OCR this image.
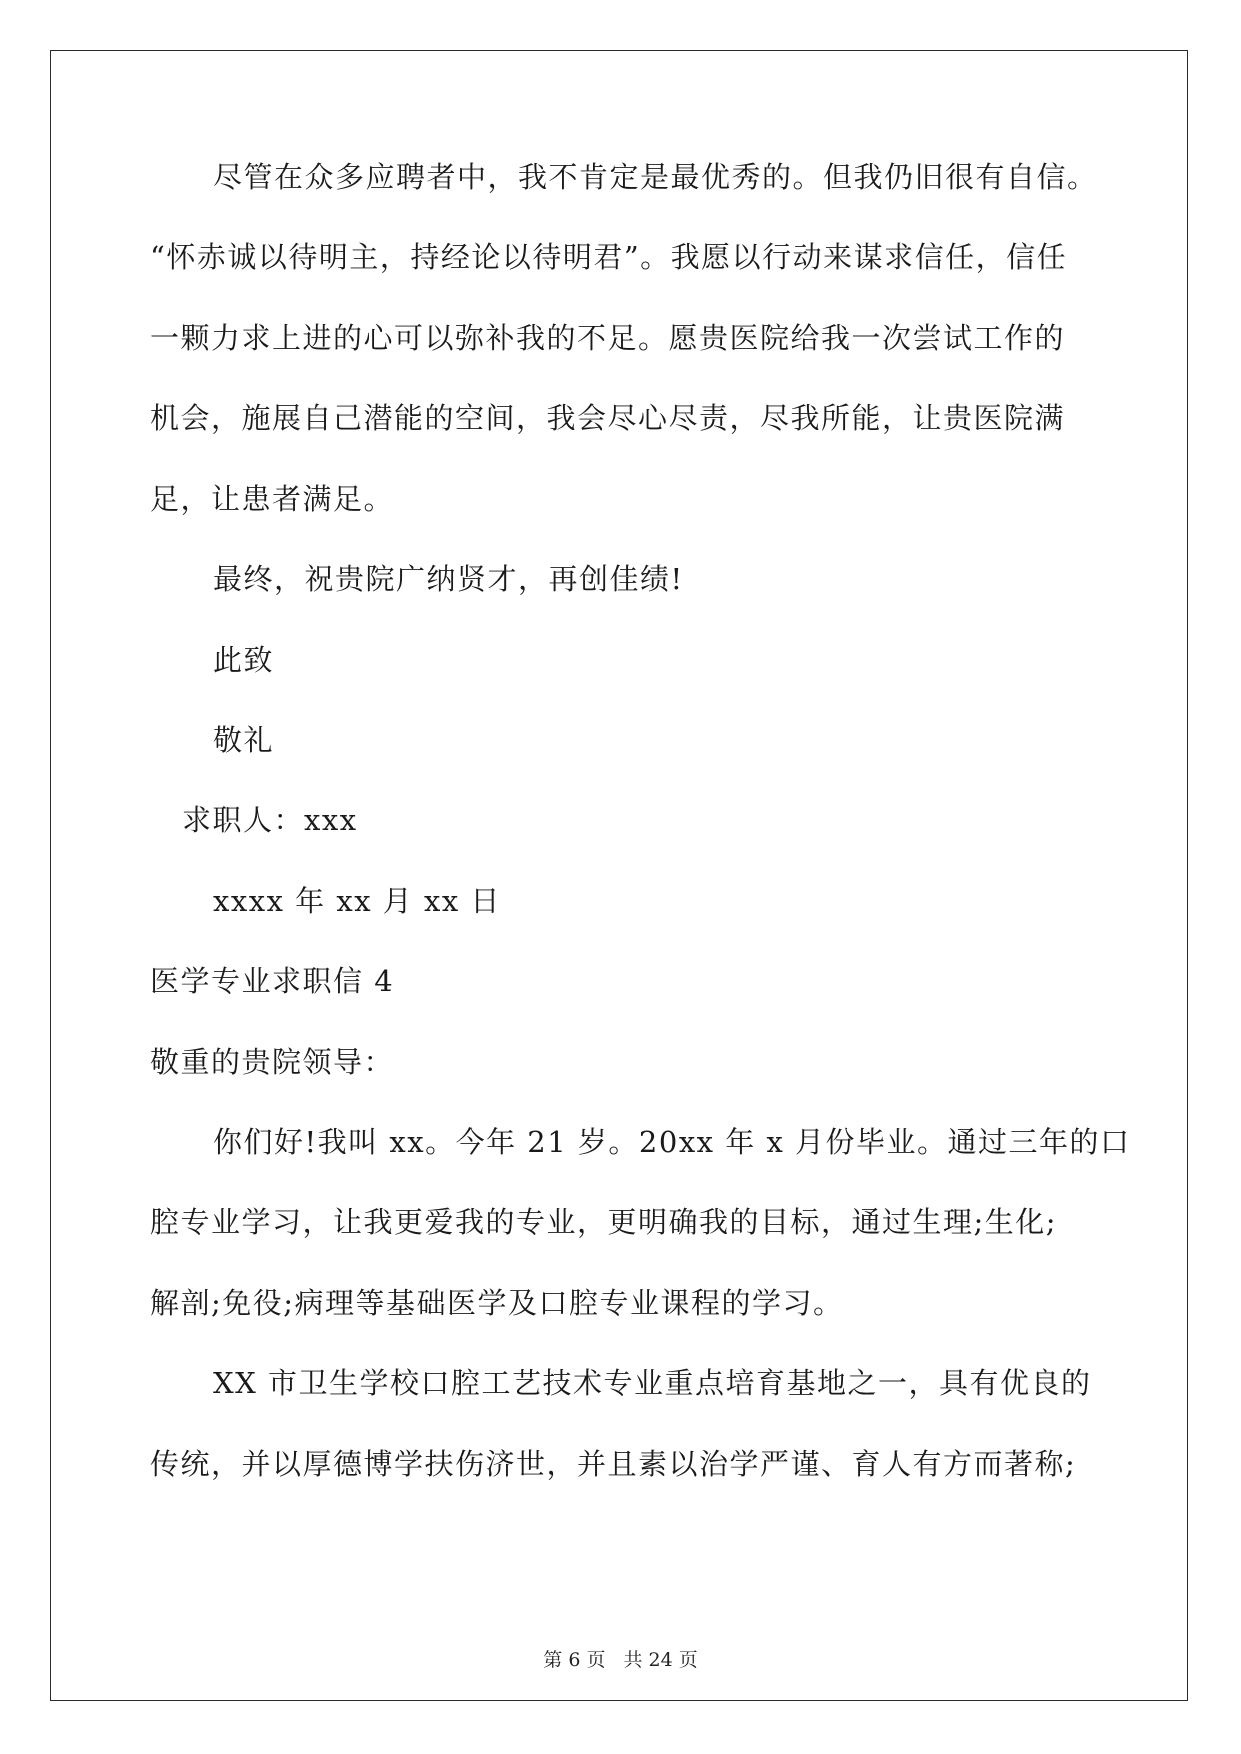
尽管在众多应聘者中，我不肯定是最优秀的。但我仍旧很有自信。
“怀赤诚以待明主，持经论以待明君”。我愿以行动来谋求信任，信任
一颗力求上进的心可以弥补我的不足。愿贵医院给我一次尝试工作的
机会，施展自己潜能的空间，我会尽心尽责，尽我所能，让贵医院满
足，让患者满足。
最终，祝贵院广纳贤才，再创佳绩!
此致
敬礼
求职人：xxx
xxxx 年 xx 月 xx 日
医学专业求职信 4
敬重的贵院领导：
你们好!我叫 xx。今年 21 岁。20xx 年 x 月份毕业。通过三年的口
腔专业学习，让我更爱我的专业，更明确我的目标，通过生理;生化;
解剖;免役;病理等基础医学及口腔专业课程的学习。
XX 市卫生学校口腔工艺技术专业重点培育基地之一，具有优良的
传统，并以厚德博学扶伤济世，并且素以治学严谨、育人有方而著称;
第 6 页 共 24 页
